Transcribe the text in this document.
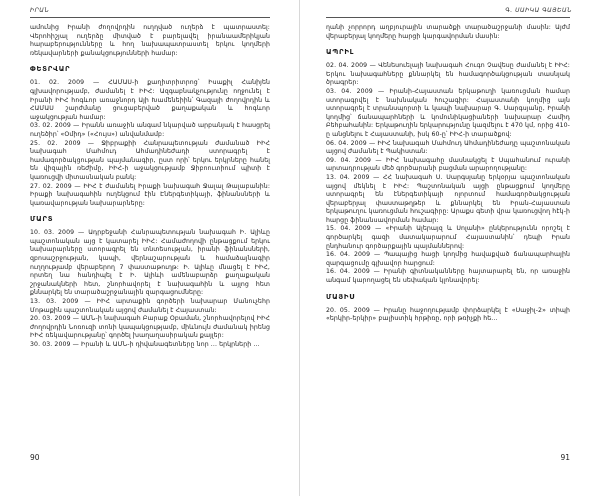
ԻՐԱՆ

ամունից Իրանի ժողովրդին ուղղված ուղերձ է պատրաստել: Վերոհիշյալ ուղերձը միտված է բարելավել իրանաամերիկյան հարաբերությունները և հող նախապատրաստել երկու կողմերի ռեկավարների քանակցությունների համար:

ՓԵՏՐՎԱՐ

01. 02. 2009 — ՀԱՄԱՍ-ի քաղիտրիտրոց՝ Իսաքիլ Հանիյեն գլխավորությամբ, ժամանել է ԻԻՀ: Ազգաբնակչությունը ողջունել է Իրանի ԻԻՀ հոգևոր առաջնորդ Այի Խամենեիին՝ Գազայի ժողովրդին և ՀԱՄԱՍ շարժմանը ցուցաբերված քաղաքական և հոգևոր աջակցության համար:

03. 02. 2009 — Իրանն առաջին անգամ նկարված արբանյակ է հասցրել ուղեծիր՝ «Օմիդ» («Հույս») անվանմամբ:

25. 02. 2009 — Ջիբրաքիի Հանրապետության ժամանած ԻԻՀ նախագահ Մահմուդ Ահմադինեժադի ստորագրել է համագործակցության պայմանագիր, ըստ որի՝ երկու երկրները հանել են վիզային ռեժիմը, ԻԻՀ-ի աջակցությամբ Ջիբոուտիում պիտի է կառուցվի միտասնական բանկ:

27. 02. 2009 — ԻԻՀ է ժամանել Իրաքի նախագահ Ջալալ Թալաբանին: Իրաքի նախագահին ուղեկցում էին Էներգետիկայի, ֆինանսների և կառավարության նախարարները:

ՄԱՐՏ

10. 03. 2009 — Ադրբեջանի Հանրապետության նախագահ Ի. Ալիևը պաշտոնական այց է կատարել ԻԻՀ: Համաժողովի ընթացքում երկու նախարարները ստորագրել են տնտեսության, իրանի ֆինանսների, զբոսաշրջության, կապի, վերնաշարության և համաձայնագիր ուղղությամբ վերաբերող 7 փաստաթուղթ: Ի. Ալիևը մնացել է ԻԻՀ, որտեղ նա հանդիպել է Ի. Ալիևի ամենաբարձր քաղաքական շրջանակների հետ, շնորհավորել է նախագահին և այլոց հետ քննարկել են տարածաշրջանային զարգացումները:

13. 03. 2009 — ԻԻՀ արտաքին գործերի նախարար Մանուչեհր Մոթաքին պաշտոնական այցով ժամանել է Հայաստան:

20. 03. 2009 — ԱՄՆ-ի նախագահ Բարաք Օբաման, շնորհավորելով ԻԻՀ ժողովրդին Նոռուզի տոնի կապակցությամբ, միևնույն ժամանակ իրենց ԻԻՀ ռեկավարությանը՝ գործել խաղաղասիրական քայլեր:

30. 03. 2009 — Իրանի և ԱՄՆ-ի դիվանագետները նոր ... երկրների ...

90
Գ. ՍԱԻԿԱ ԳԱՅԵԱՆ

ղանի չորրորդ աղբյուրային տարածքի տարածաշրջանի մասին: Այժմ վերաբերյալ կողմերը հարցի կարգավորման մասին:

ԱՊՐԻԼ

02. 04. 2009 — Վենեսուելայի նախագահ Հուգո Չավեսը ժամանել է ԻԻՀ: Երկու նախագահները քննարկել են համագործակցության տասնյակ ծրագրեր:

03. 04. 2009 — Իրանի-Հայաստան երկաթուղի կառուցման համար ստորագրվել է նախնական հուշագիր: Հայաստանի կողմից այն ստորագրել է տրանսպորտի և կապի նախարար Գ. Սարգսյանը, Իրանի կողմից՝ ճանապարհների և կոմունիկացիաների նախարար Համիդ Բեհբահանին: Երկաթուղին երկարությունը կազմելու է 470 կմ, որից 410-ը անցնելու է Հայաստանի, իսկ 60-ը՝ ԻԻՀ-ի տարածքով:

06. 04. 2009 — ԻԻՀ նախագահ Մահմուդ Ահմադինեժադը պաշտոնական այցով ժամանել է Պակիստան:

09. 04. 2009 — ԻԻՀ նախագահը մասնակցել է Սպահանում ուրանի արտադրության մեծ գործարանի բացման արարողությանը:

13. 04. 2009 — ՀՀ նախագահ Ս. Սարգսյանը երկօրյա պաշտոնական այցով մեկնել է ԻԻՀ: Պաշտոնական այցի ընթացքում կողմերը ստորագրել են էներգետիկայի ոլորտում համագործակցության վերաբերյալ փաստաթղթեր և քննարկել են Իրան-Հայաստան երկաթուղու կառուցման հուշագիրը: Արաքս գետի վրա կառուցվող հէկ-ի հարցը ֆինանսավորման համար:

15. 04. 2009 — «Իրանի Ալերայզ և Սոլանի» ընկերությունն որոշել է գործարկել գազի մատակարարում Հայաստանին՝ դեպի Իրան ընդհանուր գործարքային պայմաններով:

16. 04. 2009 — Պապայից հացի կողմից հավաքված ճանապարհային զարգացումը գլխավոր հարցում:

16. 04. 2009 — Իրանի գիտնականները հայտարարել են, որ առաջին անգամ կարողացել են սեփական կլոնավորել:

ՄԱՅԻՍ

20. 05. 2009 — Իրանը հաջողությամբ փորձարկել է «Սաջիլ-2» տիպի «երկիր-երկիր» բալիստիկ հրթիռը, որի թռիչքի հե...

91
